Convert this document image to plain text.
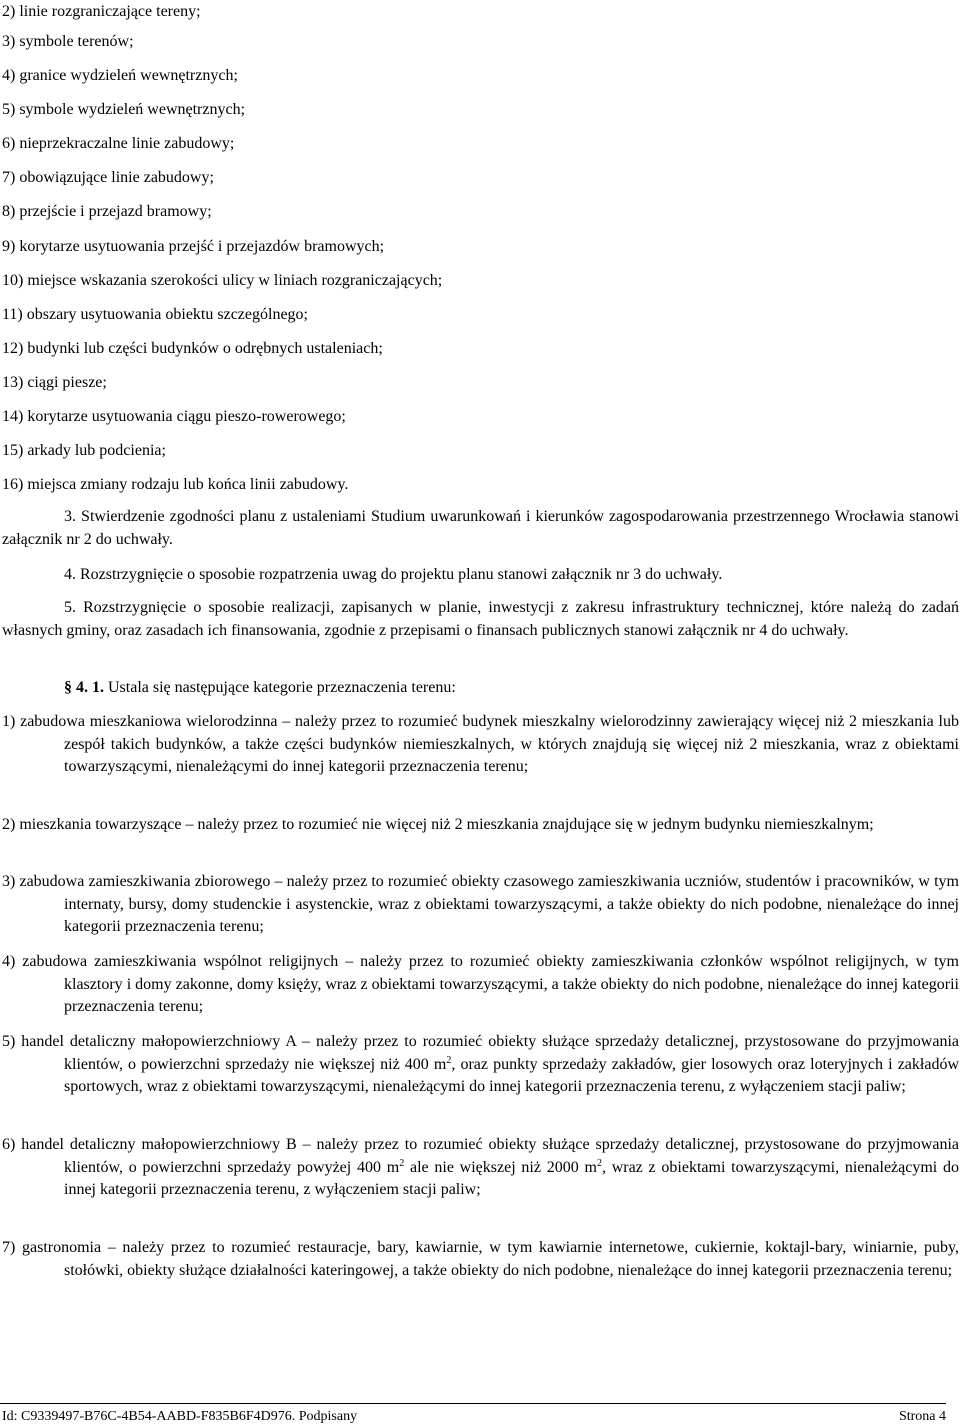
2) linie rozgraniczające tereny;
3) symbole terenów;
4) granice wydzieleń wewnętrznych;
5) symbole wydzieleń wewnętrznych;
6) nieprzekraczalne linie zabudowy;
7) obowiązujące linie zabudowy;
8) przejście i przejazd bramowy;
9) korytarze usytuowania przejść i przejazdów bramowych;
10) miejsce wskazania szerokości ulicy w liniach rozgraniczających;
11) obszary usytuowania obiektu szczególnego;
12) budynki lub części budynków o odrębnych ustaleniach;
13) ciągi piesze;
14) korytarze usytuowania ciągu pieszo-rowerowego;
15) arkady lub podcienia;
16) miejsca zmiany rodzaju lub końca linii zabudowy.
3. Stwierdzenie zgodności planu z ustaleniami Studium uwarunkowań i kierunków zagospodarowania przestrzennego Wrocławia stanowi załącznik nr 2 do uchwały.
4. Rozstrzygnięcie o sposobie rozpatrzenia uwag do projektu planu stanowi załącznik nr 3 do uchwały.
5. Rozstrzygnięcie o sposobie realizacji, zapisanych w planie, inwestycji z zakresu infrastruktury technicznej, które należą do zadań własnych gminy, oraz zasadach ich finansowania, zgodnie z przepisami o finansach publicznych stanowi załącznik nr 4 do uchwały.
§ 4. 1. Ustala się następujące kategorie przeznaczenia terenu:
1) zabudowa mieszkaniowa wielorodzinna – należy przez to rozumieć budynek mieszkalny wielorodzinny zawierający więcej niż 2 mieszkania lub zespół takich budynków, a także części budynków niemieszkalnych, w których znajdują się więcej niż 2 mieszkania, wraz z obiektami towarzyszącymi, nienależącymi do innej kategorii przeznaczenia terenu;
2) mieszkania towarzyszące – należy przez to rozumieć nie więcej niż 2 mieszkania znajdujące się w jednym budynku niemieszkalnym;
3) zabudowa zamieszkiwania zbiorowego – należy przez to rozumieć obiekty czasowego zamieszkiwania uczniów, studentów i pracowników, w tym internaty, bursy, domy studenckie i asystenckie, wraz z obiektami towarzyszącymi, a także obiekty do nich podobne, nienależące do innej kategorii przeznaczenia terenu;
4) zabudowa zamieszkiwania wspólnot religijnych – należy przez to rozumieć obiekty zamieszkiwania członków wspólnot religijnych, w tym klasztory i domy zakonne, domy księży, wraz z obiektami towarzyszącymi, a także obiekty do nich podobne, nienależące do innej kategorii przeznaczenia terenu;
5) handel detaliczny małopowierzchniowy A – należy przez to rozumieć obiekty służące sprzedaży detalicznej, przystosowane do przyjmowania klientów, o powierzchni sprzedaży nie większej niż 400 $m^2$, oraz punkty sprzedaży zakładów, gier losowych oraz loteryjnych i zakładów sportowych, wraz z obiektami towarzyszącymi, nienależącymi do innej kategorii przeznaczenia terenu, z wyłączeniem stacji paliw;
6) handel detaliczny małopowierzchniowy B – należy przez to rozumieć obiekty służące sprzedaży detalicznej, przystosowane do przyjmowania klientów, o powierzchni sprzedaży powyżej 400 $m^2$ ale nie większej niż 2000 $m^2$, wraz z obiektami towarzyszącymi, nienależącymi do innej kategorii przeznaczenia terenu, z wyłączeniem stacji paliw;
7) gastronomia – należy przez to rozumieć restauracje, bary, kawiarnie, w tym kawiarnie internetowe, cukiernie, koktajl-bary, winiarnie, puby, stołówki, obiekty służące działalności kateringowej, a także obiekty do nich podobne, nienależące do innej kategorii przeznaczenia terenu;
Id: C9339497-B76C-4B54-AABD-F835B6F4D976. Podpisany	Strona 4
